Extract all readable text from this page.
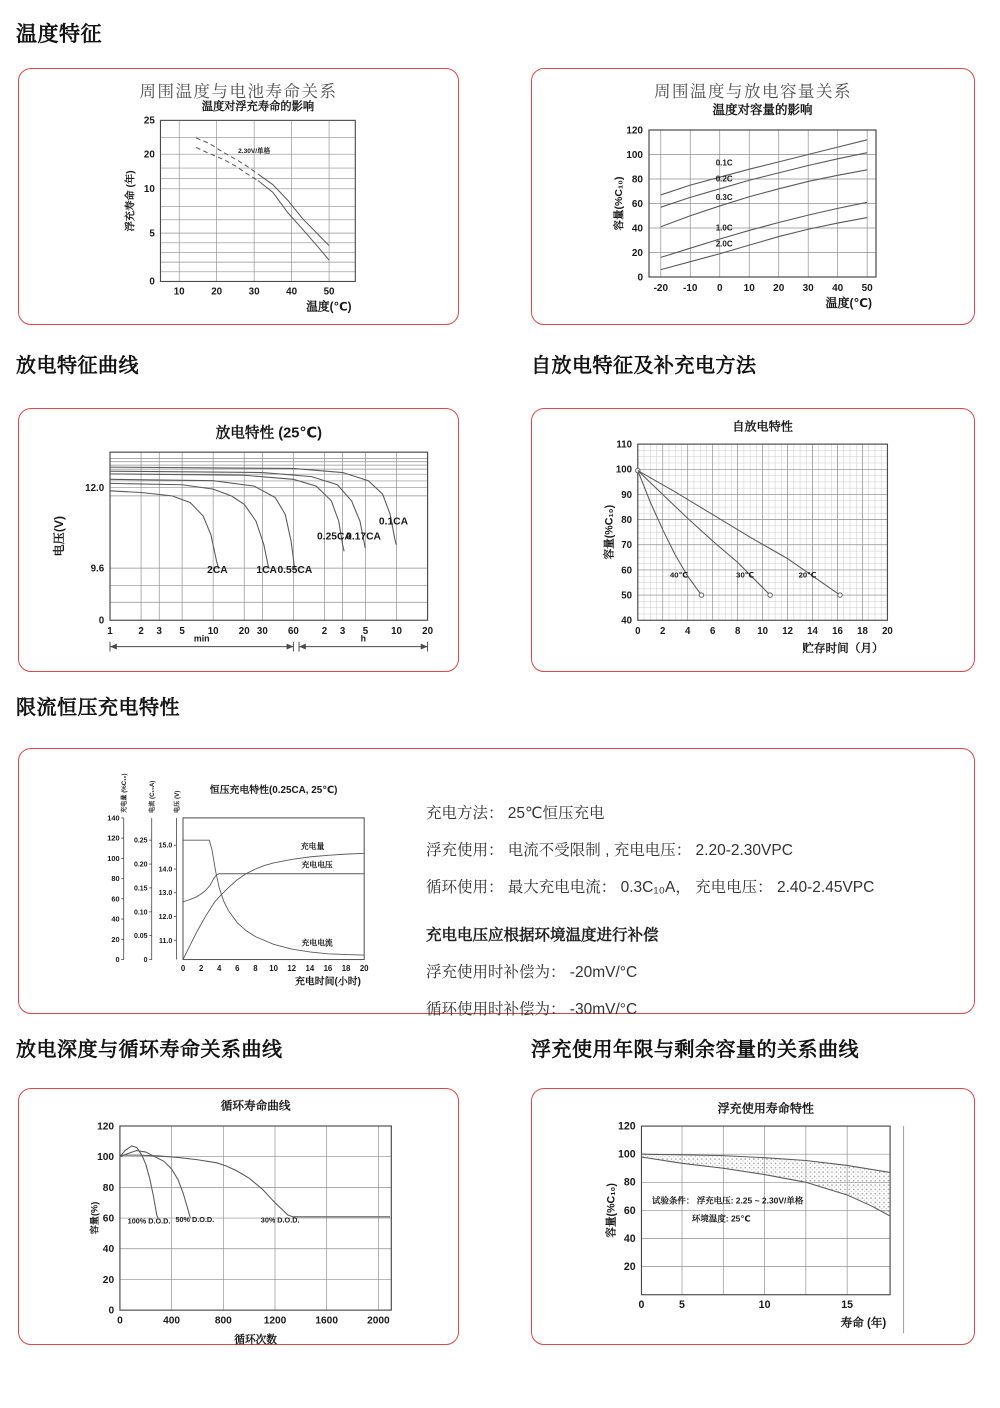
温度特征
周围温度与电池寿命关系
温度对浮充寿命的影响
10	20	30	40	50
25
20
10
5
0
温度(℃)
浮充寿命 (年)
2.30V/单格
周围温度与放电容量关系
温度对容量的影响
-20 -10 0 10 20 30 40 50
0
20
40
60
80
100
120
温度(℃)
容量(%C₁₀)
0.1C
0.2C
0.3C
1.0C
2.0C
放电特征曲线	自放电特征及补充电方法
放电特性 (25℃)
1	2 3 5 10 20 30 60 2 3 5 10 20
12.0
9.6
0
电压(V)
2CA	1CA 0.55CA
0.25CA
0.17CA
0.1CA
min	h
自放电特性
0 2 4 6 8 10 12 14 16 18 20
110
100
90
80
70
60
50
40
贮存时间（月）
容量(%C₁₀)
40℃	30℃	20℃
限流恒压充电特性
恒压充电特性(0.25CA, 25℃)
0 2 4 6 8 10 12 14 16 18 20
0
20
40
60
80
100
120
140
充电量 (%C₁₀)
0
0.05
0.10
0.15
0.20
0.25
电流 (C₁₀A)
11.0
12.0
13.0
14.0
15.0
电压 (V)
充电时间(小时)
充电量
充电电压
充电电流
充电方法： 25℃恒压充电
浮充使用： 电流不受限制 , 充电电压： 2.20-2.30VPC
循环使用： 最大充电电流： 0.3C₁₀A， 充电电压： 2.40-2.45VPC
充电电压应根据环境温度进行补偿
浮充使用时补偿为： -20mV/°C
循环使用时补偿为： -30mV/°C
放电深度与循环寿命关系曲线	浮充使用年限与剩余容量的关系曲线
循环寿命曲线
0	400	800	1200	1600	2000
0
20
40
60
80
100
120
循环次数
容量(%)	100% D.O.D. 50% D.O.D.	30% D.O.D.
浮充使用寿命特性
0	5	10	15
20
40
60
80
100
120
寿命 (年)
容量(%C₁₀)	试验条件： 浮充电压: 2.25 ~ 2.30V/单格
环境温度: 25℃
